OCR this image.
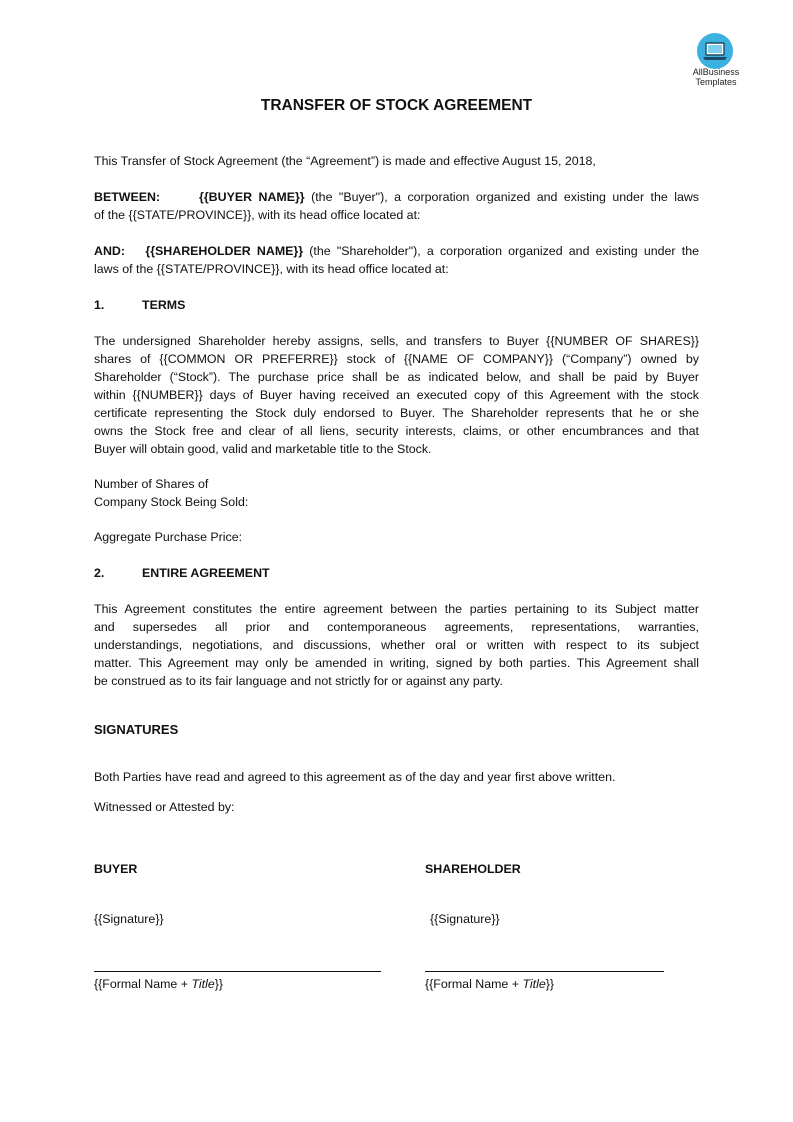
AllBusiness
Templates
TRANSFER OF STOCK AGREEMENT
This Transfer of Stock Agreement (the “Agreement”) is made and effective August 15, 2018,
BETWEEN:	{{BUYER NAME}} (the "Buyer"), a corporation organized and existing under the laws
of the {{STATE/PROVINCE}}, with its head office located at:
AND: {{SHAREHOLDER NAME}} (the "Shareholder"), a corporation organized and existing under the
laws of the {{STATE/PROVINCE}}, with its head office located at:
1.	TERMS
The undersigned Shareholder hereby assigns, sells, and transfers to Buyer {{NUMBER OF SHARES}}
shares of {{COMMON OR PREFERRE}} stock of {{NAME OF COMPANY}} (“Company”) owned by
Shareholder (“Stock”). The purchase price shall be as indicated below, and shall be paid by Buyer
within {{NUMBER}} days of Buyer having received an executed copy of this Agreement with the stock
certificate representing the Stock duly endorsed to Buyer. The Shareholder represents that he or she
owns the Stock free and clear of all liens, security interests, claims, or other encumbrances and that
Buyer will obtain good, valid and marketable title to the Stock.
Number of Shares of
Company Stock Being Sold:
Aggregate Purchase Price:
2.	ENTIRE AGREEMENT
This Agreement constitutes the entire agreement between the parties pertaining to its Subject matter
and supersedes all prior and contemporaneous agreements, representations, warranties,
understandings, negotiations, and discussions, whether oral or written with respect to its subject
matter. This Agreement may only be amended in writing, signed by both parties. This Agreement shall
be construed as to its fair language and not strictly for or against any party.
SIGNATURES
Both Parties have read and agreed to this agreement as of the day and year first above written.
Witnessed or Attested by:
BUYER	SHAREHOLDER
{{Signature}}	{{Signature}}
{{Formal Name + Title}}	{{Formal Name + Title}}
